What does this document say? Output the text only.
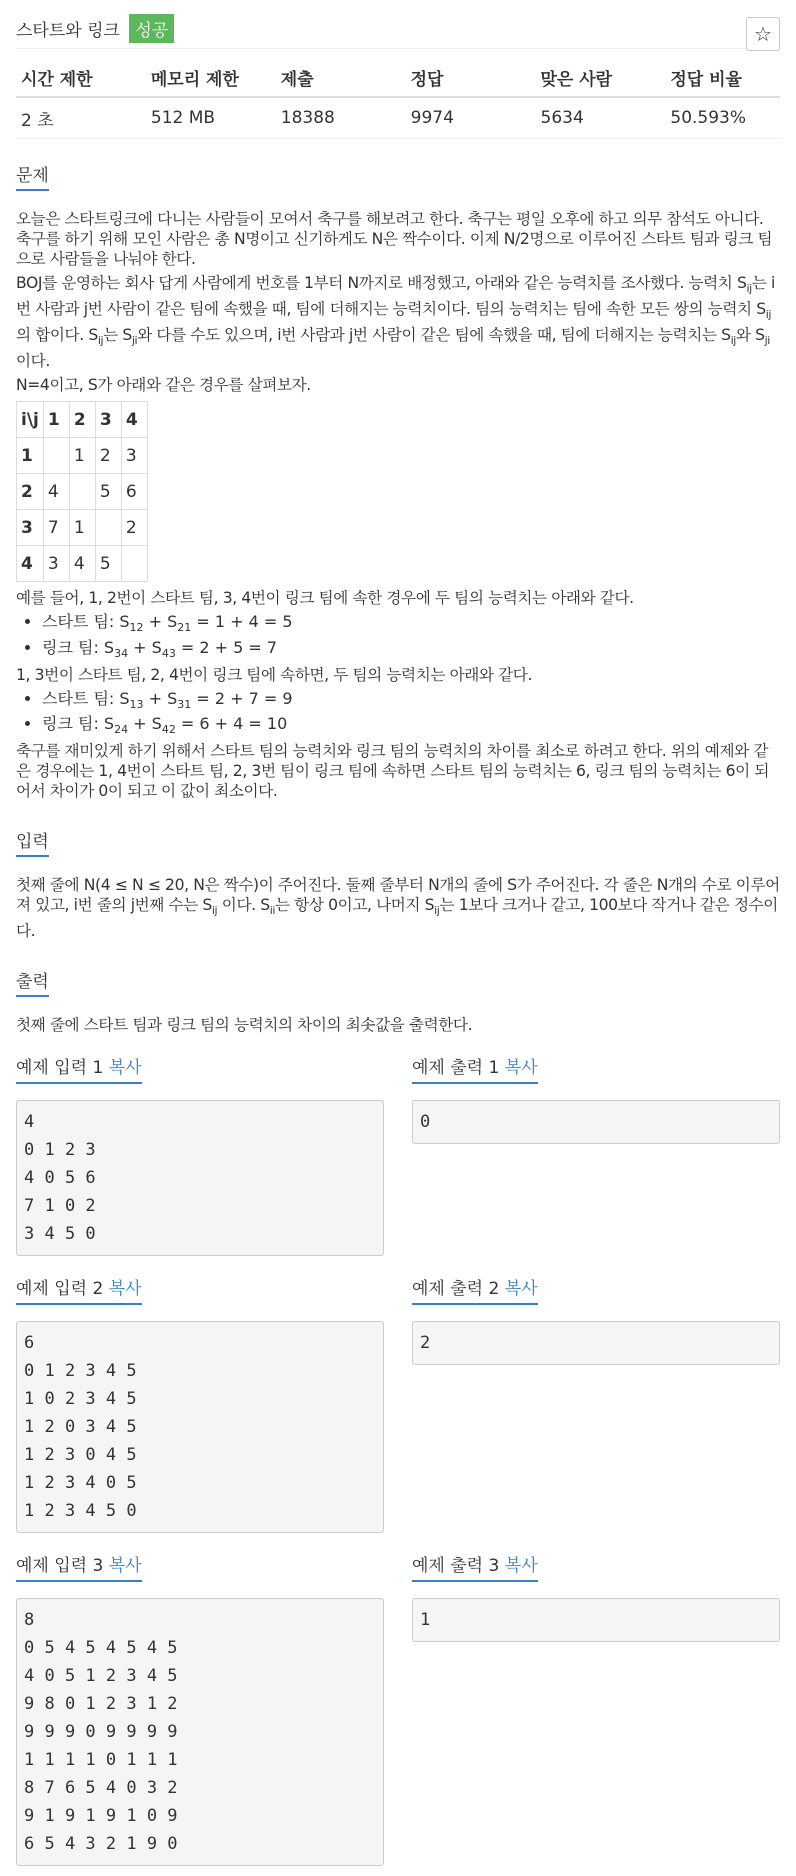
스타트와 링크 성공	☆
시간 제한	메모리 제한	제출	정답	맞은 사람	정답 비율
2 초	512 MB	18388	9974	5634	50.593%
문제

오늘은 스타트링크에 다니는 사람들이 모여서 축구를 해보려고 한다. 축구는 평일 오후에 하고 의무 참석도 아니다. 축구를 하기 위해 모인 사람은 총 N명이고 신기하게도 N은 짝수이다. 이제 N/2명으로 이루어진 스타트 팀과 링크 팀으로 사람들을 나눠야 한다.

BOJ를 운영하는 회사 답게 사람에게 번호를 1부터 N까지로 배정했고, 아래와 같은 능력치를 조사했다. 능력치 $S_{ij}$는 i번 사람과 j번 사람이 같은 팀에 속했을 때, 팀에 더해지는 능력치이다. 팀의 능력치는 팀에 속한 모든 쌍의 능력치 $S_{ij}$의 합이다. $S_{ij}$는 $S_{ji}$와 다를 수도 있으며, i번 사람과 j번 사람이 같은 팀에 속했을 때, 팀에 더해지는 능력치는 $S_{ij}$와 $S_{ji}$이다.

N=4이고, S가 아래와 같은 경우를 살펴보자.

i\j	1	2	3	4
1		1	2	3
2	4		5	6
3	7	1		2
4	3	4	5	

예를 들어, 1, 2번이 스타트 팀, 3, 4번이 링크 팀에 속한 경우에 두 팀의 능력치는 아래와 같다.

• 스타트 팀: $S_{12} + S_{21} = 1 + 4 = 5$
• 링크 팀: $S_{34} + S_{43} = 2 + 5 = 7$

1, 3번이 스타트 팀, 2, 4번이 링크 팀에 속하면, 두 팀의 능력치는 아래와 같다.

• 스타트 팀: $S_{13} + S_{31} = 2 + 7 = 9$
• 링크 팀: $S_{24} + S_{42} = 6 + 4 = 10$

축구를 재미있게 하기 위해서 스타트 팀의 능력치와 링크 팀의 능력치의 차이를 최소로 하려고 한다. 위의 예제와 같은 경우에는 1, 4번이 스타트 팀, 2, 3번 팀이 링크 팀에 속하면 스타트 팀의 능력치는 6, 링크 팀의 능력치는 6이 되어서 차이가 0이 되고 이 값이 최소이다.

입력

첫째 줄에 N(4 ≤ N ≤ 20, N은 짝수)이 주어진다. 둘째 줄부터 N개의 줄에 S가 주어진다. 각 줄은 N개의 수로 이루어져 있고, i번 줄의 j번째 수는 $S_{ij}$ 이다. $S_{ii}$는 항상 0이고, 나머지 $S_{ij}$는 1보다 크거나 같고, 100보다 작거나 같은 정수이다.

출력

첫째 줄에 스타트 팀과 링크 팀의 능력치의 차이의 최솟값을 출력한다.

예제 입력 1 복사
4
0 1 2 3
4 0 5 6
7 1 0 2
3 4 5 0
예제 출력 1 복사
0
예제 입력 2 복사
6
0 1 2 3 4 5
1 0 2 3 4 5
1 2 0 3 4 5
1 2 3 0 4 5
1 2 3 4 0 5
1 2 3 4 5 0
예제 출력 2 복사
2
예제 입력 3 복사
8
0 5 4 5 4 5 4 5
4 0 5 1 2 3 4 5
9 8 0 1 2 3 1 2
9 9 9 0 9 9 9 9
1 1 1 1 0 1 1 1
8 7 6 5 4 0 3 2
9 1 9 1 9 1 0 9
6 5 4 3 2 1 9 0
예제 출력 3 복사
1
